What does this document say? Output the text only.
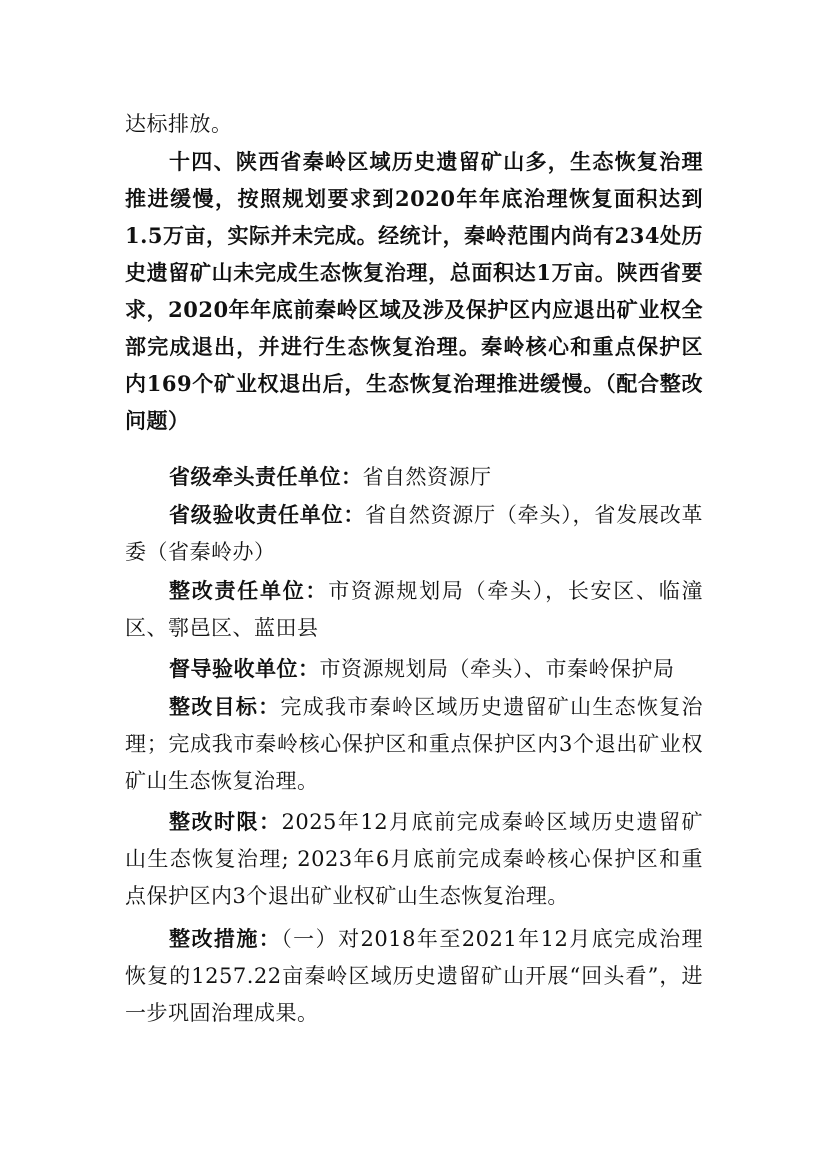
达标排放。

十四、陕西省秦岭区域历史遗留矿山多，生态恢复治理推进缓慢，按照规划要求到2020年年底治理恢复面积达到1.5万亩，实际并未完成。经统计，秦岭范围内尚有234处历史遗留矿山未完成生态恢复治理，总面积达1万亩。陕西省要求，2020年年底前秦岭区域及涉及保护区内应退出矿业权全部完成退出，并进行生态恢复治理。秦岭核心和重点保护区内169个矿业权退出后，生态恢复治理推进缓慢。（配合整改问题）

省级牵头责任单位：省自然资源厅

省级验收责任单位：省自然资源厅（牵头），省发展改革委（省秦岭办）

整改责任单位：市资源规划局（牵头），长安区、临潼区、鄠邑区、蓝田县

督导验收单位：市资源规划局（牵头）、市秦岭保护局

整改目标：完成我市秦岭区域历史遗留矿山生态恢复治理；完成我市秦岭核心保护区和重点保护区内3个退出矿业权矿山生态恢复治理。

整改时限：2025年12月底前完成秦岭区域历史遗留矿山生态恢复治理; 2023年6月底前完成秦岭核心保护区和重点保护区内3个退出矿业权矿山生态恢复治理。

整改措施：（一）对2018年至2021年12月底完成治理恢复的1257.22亩秦岭区域历史遗留矿山开展“回头看”，进一步巩固治理成果。
